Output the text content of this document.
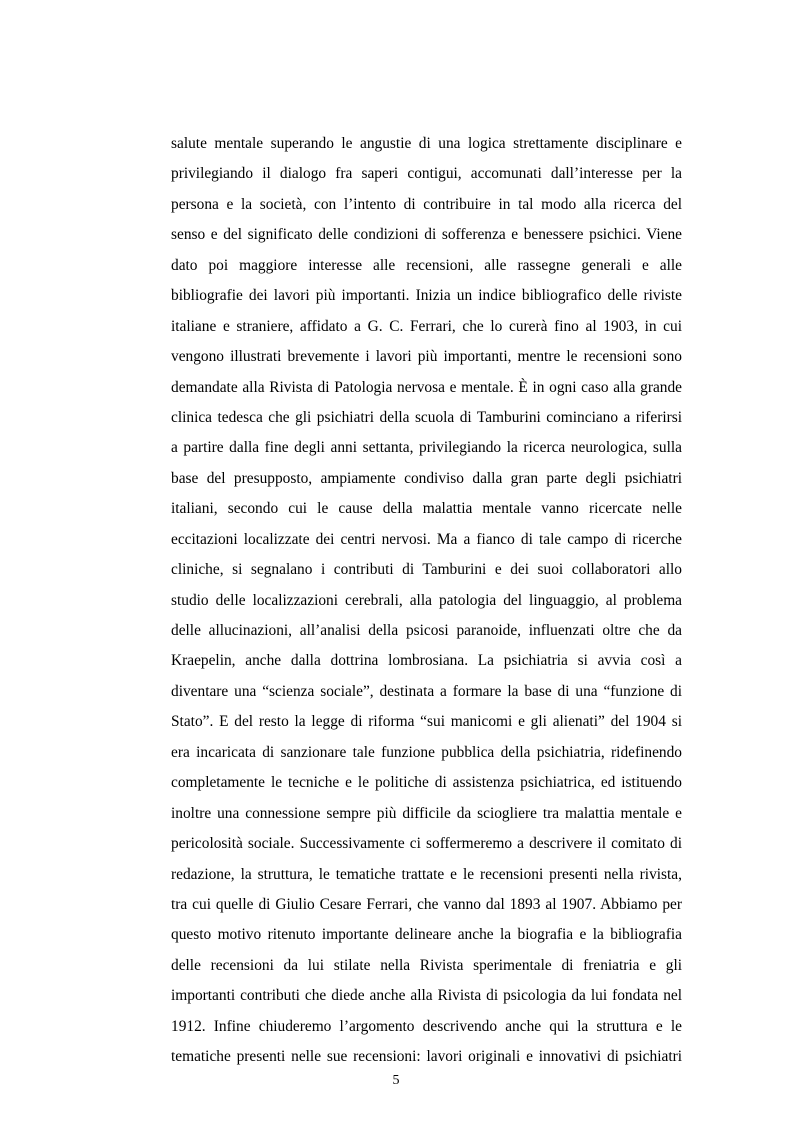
salute mentale superando le angustie di una logica strettamente disciplinare e
privilegiando il dialogo fra saperi contigui, accomunati dall’interesse per la
persona e la società, con l’intento di contribuire in tal modo alla ricerca del
senso e del significato delle condizioni di sofferenza e benessere psichici. Viene
dato poi maggiore interesse alle recensioni, alle rassegne generali e alle
bibliografie dei lavori più importanti. Inizia un indice bibliografico delle riviste
italiane e straniere, affidato a G. C. Ferrari, che lo curerà fino al 1903, in cui
vengono illustrati brevemente i lavori più importanti, mentre le recensioni sono
demandate alla Rivista di Patologia nervosa e mentale. È in ogni caso alla grande
clinica tedesca che gli psichiatri della scuola di Tamburini cominciano a riferirsi
a partire dalla fine degli anni settanta, privilegiando la ricerca neurologica, sulla
base del presupposto, ampiamente condiviso dalla gran parte degli psichiatri
italiani, secondo cui le cause della malattia mentale vanno ricercate nelle
eccitazioni localizzate dei centri nervosi. Ma a fianco di tale campo di ricerche
cliniche, si segnalano i contributi di Tamburini e dei suoi collaboratori allo
studio delle localizzazioni cerebrali, alla patologia del linguaggio, al problema
delle allucinazioni, all’analisi della psicosi paranoide, influenzati oltre che da
Kraepelin, anche dalla dottrina lombrosiana. La psichiatria si avvia così a
diventare una “scienza sociale”, destinata a formare la base di una “funzione di
Stato”. E del resto la legge di riforma “sui manicomi e gli alienati” del 1904 si
era incaricata di sanzionare tale funzione pubblica della psichiatria, ridefinendo
completamente le tecniche e le politiche di assistenza psichiatrica, ed istituendo
inoltre una connessione sempre più difficile da sciogliere tra malattia mentale e
pericolosità sociale. Successivamente ci soffermeremo a descrivere il comitato di
redazione, la struttura, le tematiche trattate e le recensioni presenti nella rivista,
tra cui quelle di Giulio Cesare Ferrari, che vanno dal 1893 al 1907. Abbiamo per
questo motivo ritenuto importante delineare anche la biografia e la bibliografia
delle recensioni da lui stilate nella Rivista sperimentale di freniatria e gli
importanti contributi che diede anche alla Rivista di psicologia da lui fondata nel
1912. Infine chiuderemo l’argomento descrivendo anche qui la struttura e le
tematiche presenti nelle sue recensioni: lavori originali e innovativi di psichiatri
5
